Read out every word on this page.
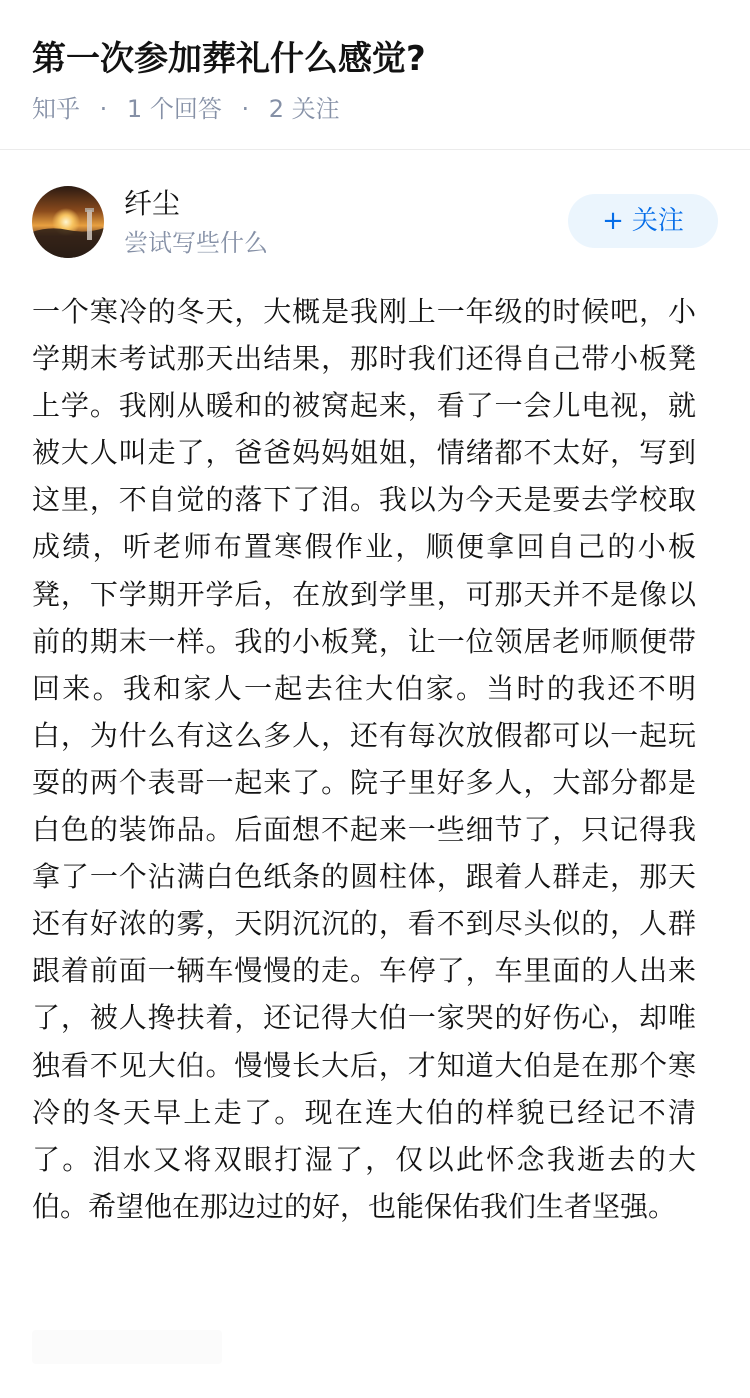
第一次参加葬礼什么感觉?
知乎 · 1 个回答 · 2 关注
纤尘
尝试写些什么
+ 关注

一个寒冷的冬天，大概是我刚上一年级的时候吧，小学期末考试那天出结果，那时我们还得自己带小板凳上学。我刚从暖和的被窝起来，看了一会儿电视，就被大人叫走了，爸爸妈妈姐姐，情绪都不太好，写到这里，不自觉的落下了泪。我以为今天是要去学校取成绩，听老师布置寒假作业，顺便拿回自己的小板凳，下学期开学后，在放到学里，可那天并不是像以前的期末一样。我的小板凳，让一位领居老师顺便带回来。我和家人一起去往大伯家。当时的我还不明白，为什么有这么多人，还有每次放假都可以一起玩耍的两个表哥一起来了。院子里好多人，大部分都是白色的装饰品。后面想不起来一些细节了，只记得我拿了一个沾满白色纸条的圆柱体，跟着人群走，那天还有好浓的雾，天阴沉沉的，看不到尽头似的，人群跟着前面一辆车慢慢的走。车停了，车里面的人出来了，被人搀扶着，还记得大伯一家哭的好伤心，却唯独看不见大伯。慢慢长大后，才知道大伯是在那个寒冷的冬天早上走了。现在连大伯的样貌已经记不清了。泪水又将双眼打湿了，仅以此怀念我逝去的大伯。希望他在那边过的好，也能保佑我们生者坚强。
